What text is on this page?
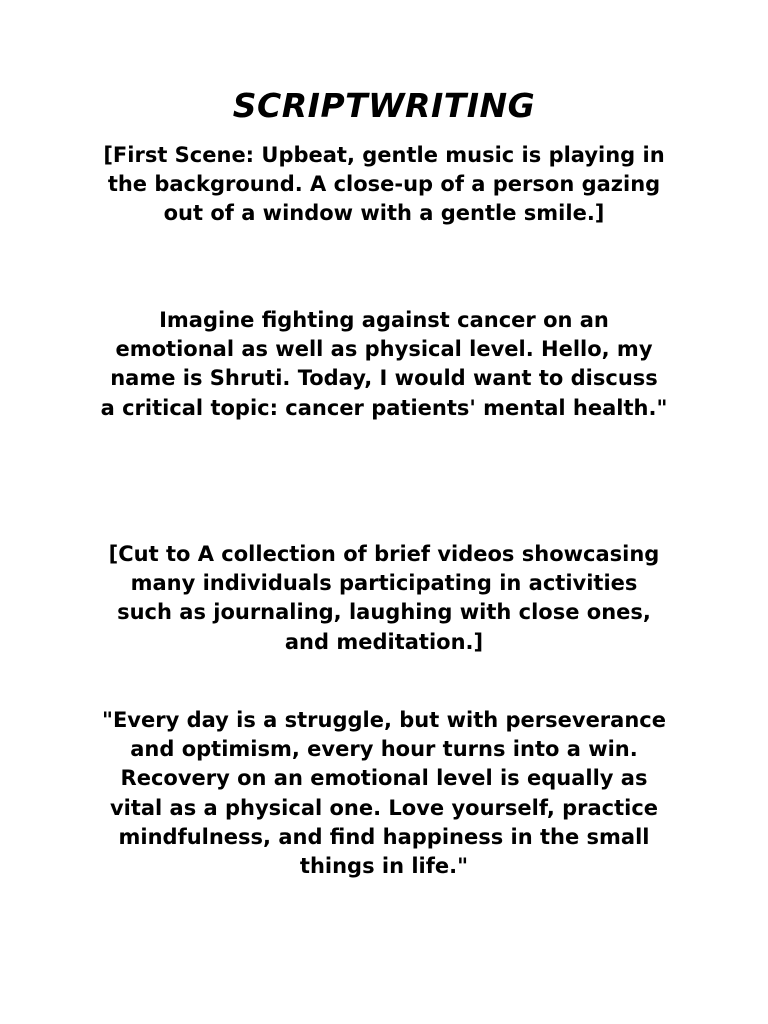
SCRIPTWRITING

[First Scene: Upbeat, gentle music is playing in the background. A close-up of a person gazing out of a window with a gentle smile.]

Imagine fighting against cancer on an emotional as well as physical level. Hello, my name is Shruti. Today, I would want to discuss a critical topic: cancer patients' mental health."

[Cut to A collection of brief videos showcasing many individuals participating in activities such as journaling, laughing with close ones, and meditation.]

"Every day is a struggle, but with perseverance and optimism, every hour turns into a win. Recovery on an emotional level is equally as vital as a physical one. Love yourself, practice mindfulness, and find happiness in the small things in life."
